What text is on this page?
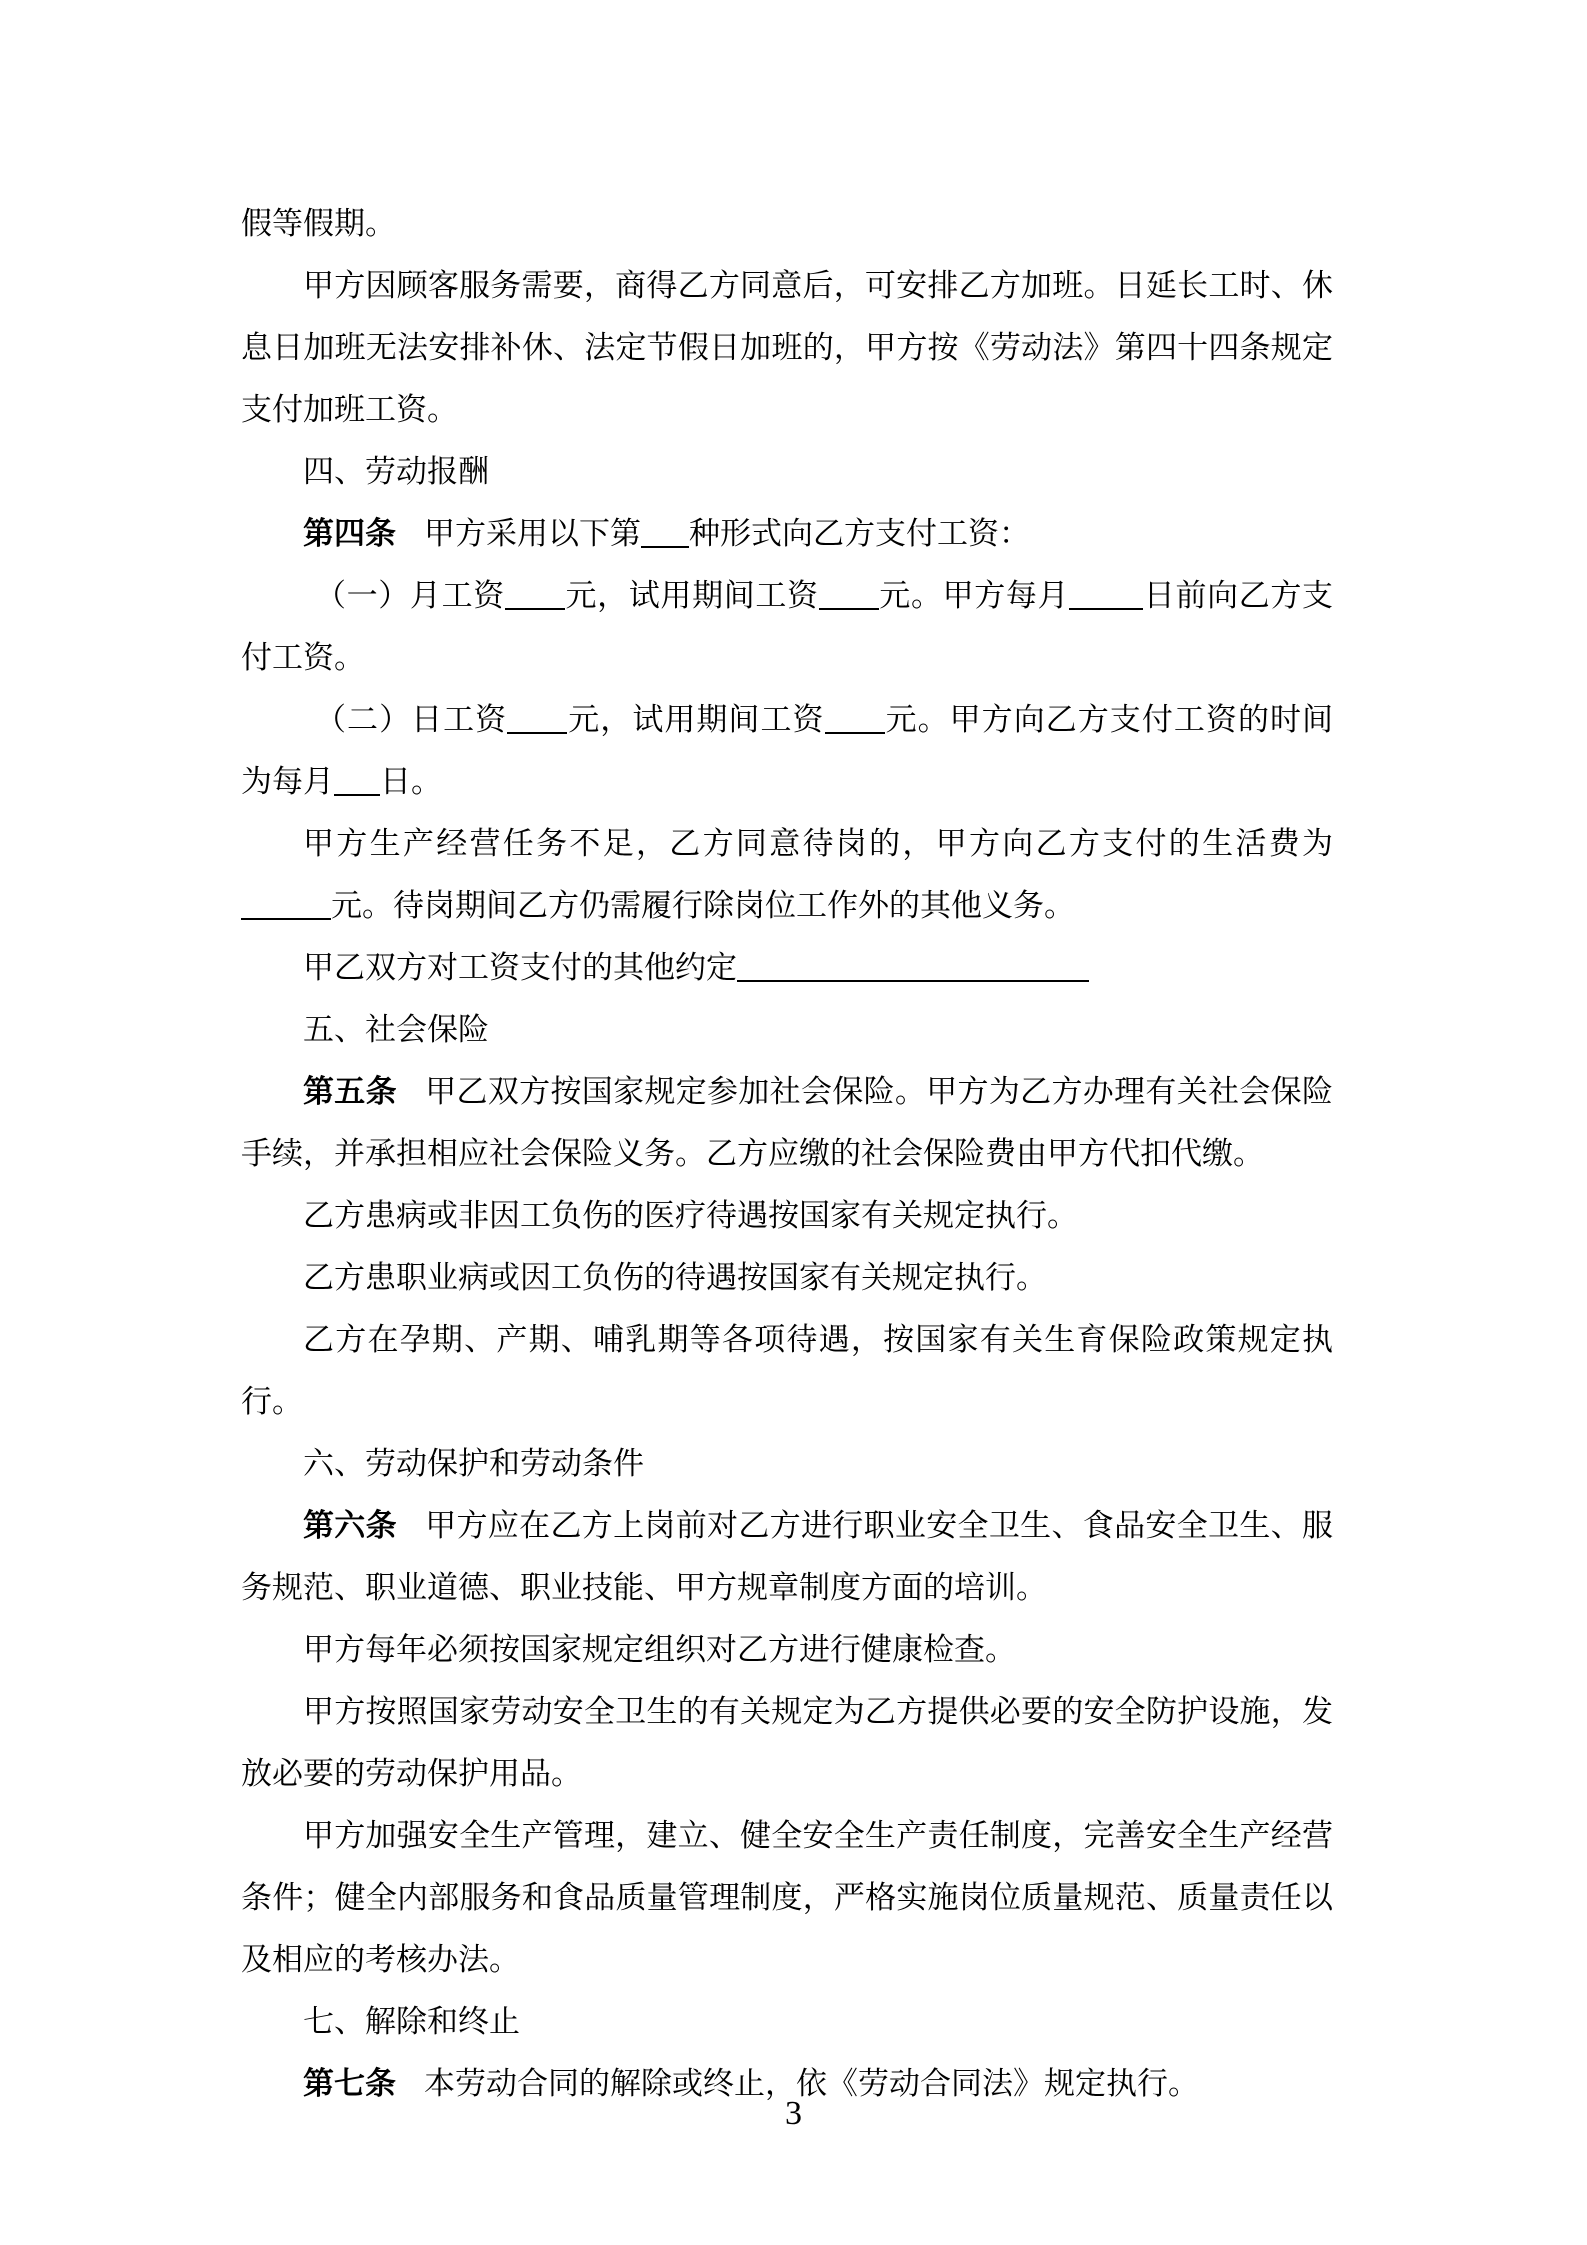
假等假期。

甲方因顾客服务需要，商得乙方同意后，可安排乙方加班。日延长工时、休息日加班无法安排补休、法定节假日加班的，甲方按《劳动法》第四十四条规定支付加班工资。

四、劳动报酬

第四条 甲方采用以下第 种形式向乙方支付工资：

（一）月工资 元，试用期间工资 元。甲方每月 日前向乙方支付工资。

（二）日工资 元，试用期间工资 元。甲方向乙方支付工资的时间为每月 日。

甲方生产经营任务不足，乙方同意待岗的，甲方向乙方支付的生活费为元。待岗期间乙方仍需履行除岗位工作外的其他义务。

甲乙双方对工资支付的其他约定

五、社会保险

第五条 甲乙双方按国家规定参加社会保险。甲方为乙方办理有关社会保险手续，并承担相应社会保险义务。乙方应缴的社会保险费由甲方代扣代缴。

乙方患病或非因工负伤的医疗待遇按国家有关规定执行。

乙方患职业病或因工负伤的待遇按国家有关规定执行。

乙方在孕期、产期、哺乳期等各项待遇，按国家有关生育保险政策规定执行。

六、劳动保护和劳动条件

第六条 甲方应在乙方上岗前对乙方进行职业安全卫生、食品安全卫生、服务规范、职业道德、职业技能、甲方规章制度方面的培训。

甲方每年必须按国家规定组织对乙方进行健康检查。

甲方按照国家劳动安全卫生的有关规定为乙方提供必要的安全防护设施，发放必要的劳动保护用品。

甲方加强安全生产管理，建立、健全安全生产责任制度，完善安全生产经营条件；健全内部服务和食品质量管理制度，严格实施岗位质量规范、质量责任以及相应的考核办法。

七、解除和终止

第七条 本劳动合同的解除或终止，依《劳动合同法》规定执行。

3
